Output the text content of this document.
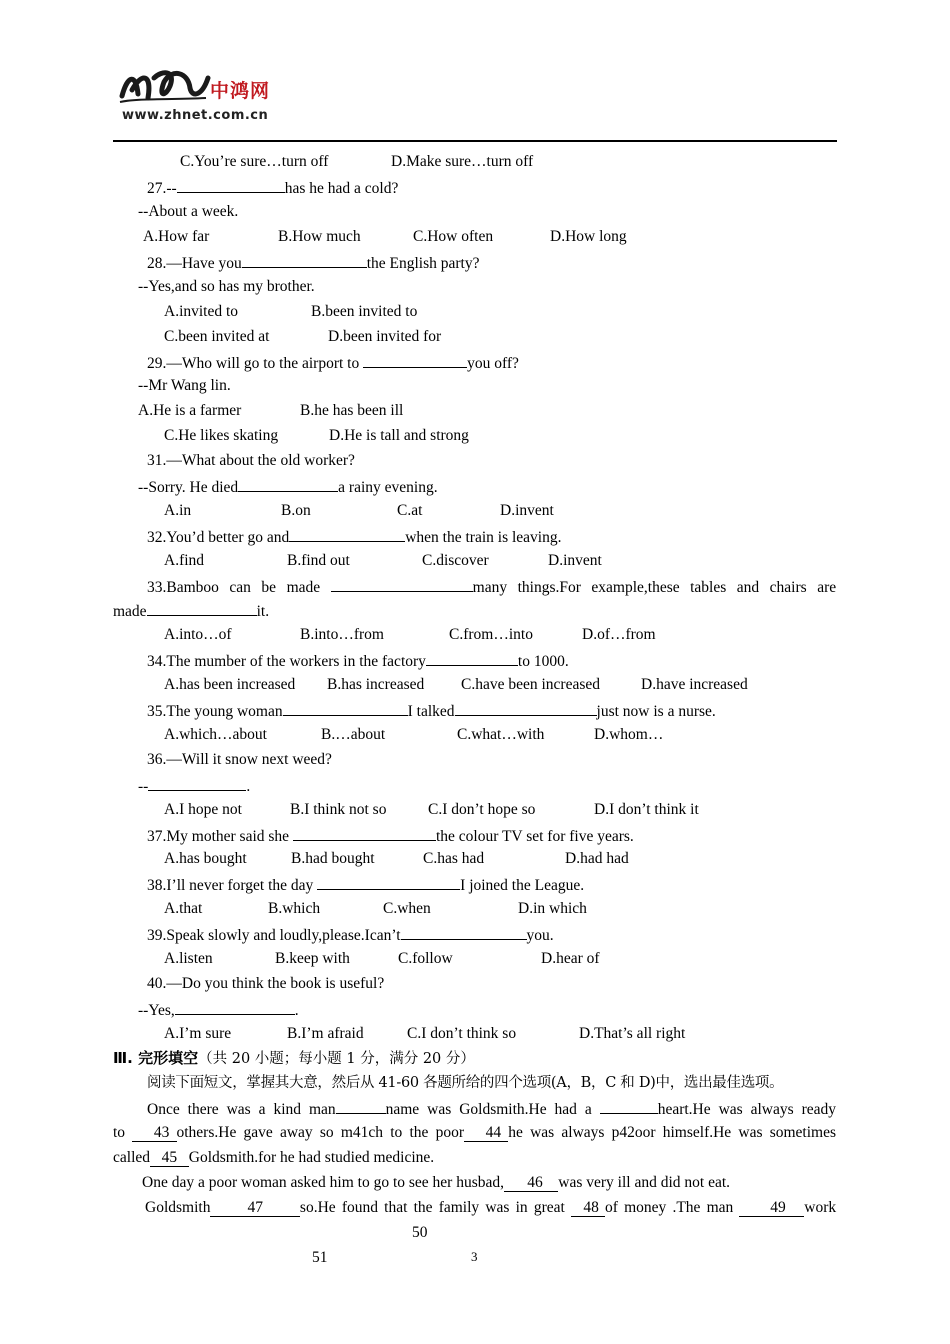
中鸿网
www.zhnet.com.cn
C.You’re sure…turn off	D.Make sure…turn off
27.--	has he had a cold?
--About a week.
A.How far	B.How much	C.How often	D.How long
28.—Have you	the English party?
--Yes,and so has my brother.
A.invited to	B.been invited to
C.been invited at	D.been invited for
29.—Who will go to the airport to	you off?
--Mr Wang lin.
A.He is a farmer	B.he has been ill
C.He likes skating	D.He is tall and strong
31.—What about the old worker?
--Sorry. He died	a rainy evening.
A.in	B.on	C.at	D.invent
32.You’d better go and	when the train is leaving.
A.find	B.find out	C.discover	D.invent
33.Bamboo can be made	many things.For example,these tables and chairs are
made	it.
A.into…of	B.into…from	C.from…into	D.of…from
34.The mumber of the workers in the factory	to 1000.
A.has been increased B.has increased C.have been increased	D.have increased
35.The young woman	I talked	just now is a nurse.
A.which…about	B.…about	C.what…with	D.whom…
36.—Will it snow next weed?
--	.
A.I hope not	B.I think not so	C.I don’t hope so	D.I don’t think it
37.My mother said she	the colour TV set for five years.
A.has bought	B.had bought	C.has had	D.had had
38.I’ll never forget the day	I joined the League.
A.that	B.which	C.when	D.in which
39.Speak slowly and loudly,please.Ican’t	you.
A.listen	B.keep with	C.follow	D.hear of
40.—Do you think the book is useful?
--Yes,	.
A.I’m sure	B.I’m afraid	C.I don’t think so	D.That’s all right
Ⅲ. 完形填空（共 20 小题；每小题 1 分，满分 20 分）
阅读下面短文，掌握其大意，然后从 41-60 各题所给的四个选项(A，B，C 和 D)中，选出最佳选项。
Once there was a kind man	name was Goldsmith.He had a	heart.He was always ready
to 43 others.He gave away so m41ch to the poor 44 he was always p42oor himself.He was sometimes
called 45 Goldsmith.for he had studied medicine.
One day a poor woman asked him to go to see her husbad, 46 was very ill and did not eat.
Goldsmith 47 so.He found that the family was in great 48 of money .The man 49 work
50
51	3
